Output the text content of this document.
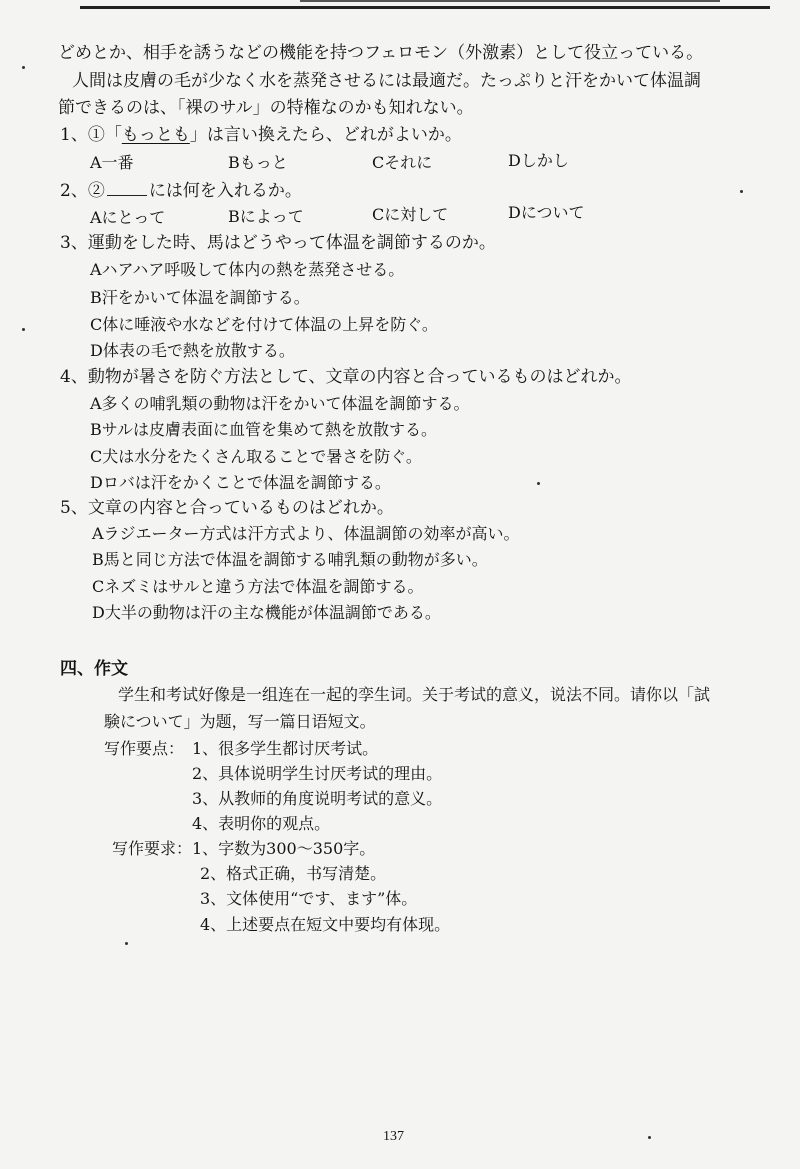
どめとか、相手を誘うなどの機能を持つフェロモン（外激素）として役立っている。
人間は皮膚の毛が少なく水を蒸発させるには最適だ。たっぷりと汗をかいて体温調
節できるのは、「裸のサル」の特権なのかも知れない。
1、①「もっとも」は言い換えたら、どれがよいか。
A一番	Bもっと	Cそれに	Dしかし
2、②	には何を入れるか。
Aにとって	Bによって	Cに対して	Dについて
3、運動をした時、馬はどうやって体温を調節するのか。
Aハアハア呼吸して体内の熱を蒸発させる。
B汗をかいて体温を調節する。
C体に唾液や水などを付けて体温の上昇を防ぐ。
D体表の毛で熱を放散する。
4、動物が暑さを防ぐ方法として、文章の内容と合っているものはどれか。
A多くの哺乳類の動物は汗をかいて体温を調節する。
Bサルは皮膚表面に血管を集めて熱を放散する。
C犬は水分をたくさん取ることで暑さを防ぐ。
Dロバは汗をかくことで体温を調節する。
5、文章の内容と合っているものはどれか。
Aラジエーター方式は汗方式より、体温調節の効率が高い。
B馬と同じ方法で体温を調節する哺乳類の動物が多い。
Cネズミはサルと違う方法で体温を調節する。
D大半の動物は汗の主な機能が体温調節である。
四、作文
学生和考试好像是一组连在一起的孪生词。关于考试的意义，说法不同。请你以「試
験について」为题，写一篇日语短文。
写作要点： 1、很多学生都讨厌考试。
2、具体说明学生讨厌考试的理由。
3、从教师的角度说明考试的意义。
4、表明你的观点。
写作要求： 1、字数为300～350字。
2、格式正确，书写清楚。
3、文体使用“です、ます”体。
4、上述要点在短文中要均有体现。
137
